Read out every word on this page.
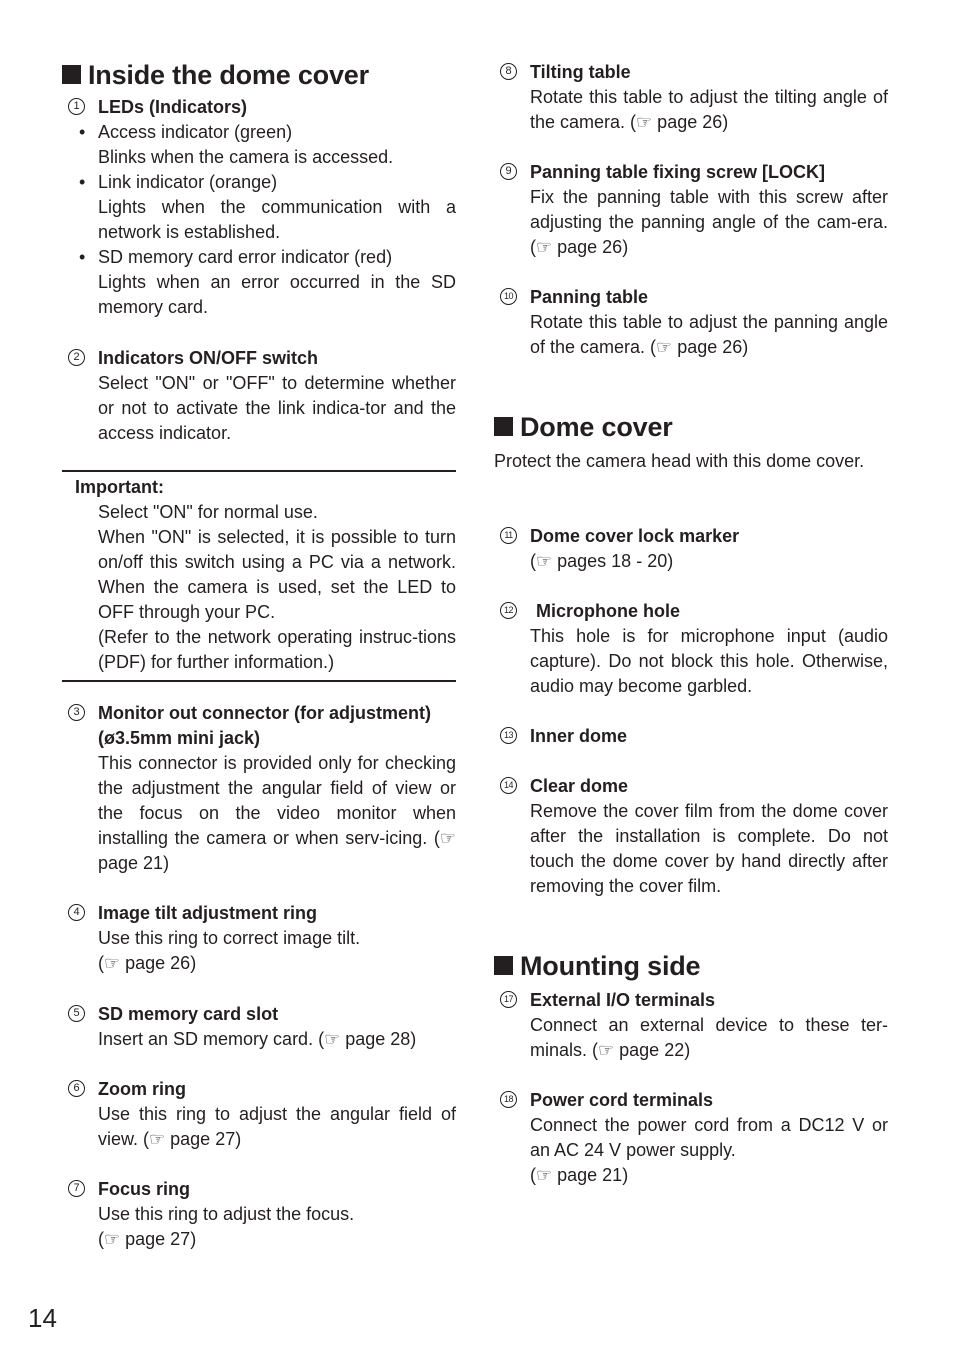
Inside the dome cover
1	LEDs (Indicators)

• Access indicator (green)

Blinks when the camera is accessed.

• Link indicator (orange)

Lights when the communication with a network is established.

• SD memory card error indicator (red)

Lights when an error occurred in the SD memory card.

2	Indicators ON/OFF switch
Select "ON" or "OFF" to determine whether or not to activate the link indica-tor and the access indicator.
Important:

Select "ON" for normal use.

When "ON" is selected, it is possible to turn on/off this switch using a PC via a network. When the camera is used, set the LED to OFF through your PC.

(Refer to the network operating instruc-tions (PDF) for further information.)

3	Monitor out connector (for adjustment) (ø3.5mm mini jack)
This connector is provided only for checking the adjustment the angular field of view or the focus on the video monitor when installing the camera or when serv-icing. (☞ page 21)
4	Image tilt adjustment ring

Use this ring to correct image tilt.

(☞ page 26)

5	SD memory card slot
Insert an SD memory card. (☞ page 28)
6	Zoom ring
Use this ring to adjust the angular field of view. (☞ page 27)
7	Focus ring

Use this ring to adjust the focus.

(☞ page 27)

8	Tilting table
Rotate this table to adjust the tilting angle of the camera. (☞ page 26)
9	Panning table fixing screw [LOCK]
Fix the panning table with this screw after adjusting the panning angle of the cam-era. (☞ page 26)
10 Panning table
Rotate this table to adjust the panning angle of the camera. (☞ page 26)
Dome cover
Protect the camera head with this dome cover.
11 Dome cover lock marker
(☞ pages 18 - 20)
12 Microphone hole
This hole is for microphone input (audio capture). Do not block this hole. Otherwise, audio may become garbled.
13 Inner dome
14 Clear dome
Remove the cover film from the dome cover after the installation is complete. Do not touch the dome cover by hand directly after removing the cover film.
Mounting side
17 External I/O terminals
Connect an external device to these ter-minals. (☞ page 22)
18 Power cord terminals

Connect the power cord from a DC12 V or an AC 24 V power supply.

(☞ page 21)

14
